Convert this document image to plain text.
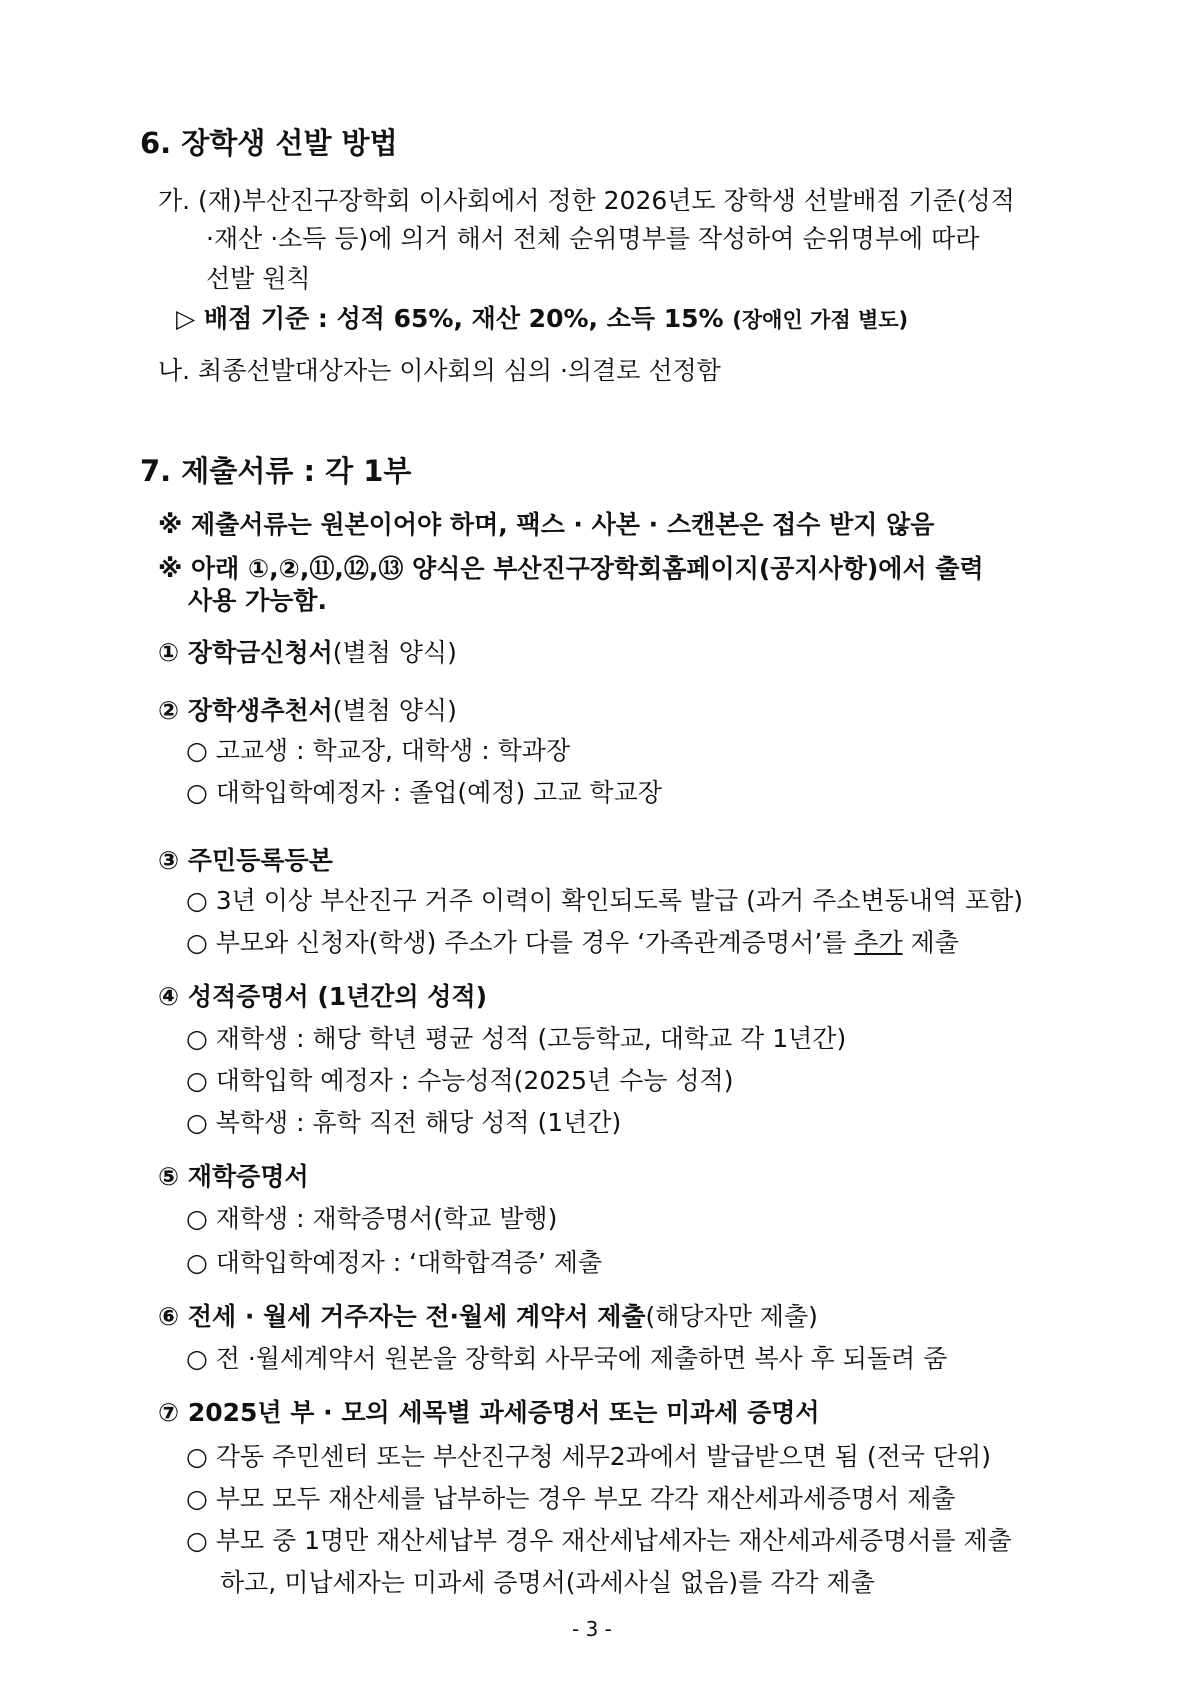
6. 장학생 선발 방법
가. (재)부산진구장학회 이사회에서 정한 2026년도 장학생 선발배점 기준(성적
·재산 ·소득 등)에 의거 해서 전체 순위명부를 작성하여 순위명부에 따라
선발 원칙
▷ 배점 기준 : 성적 65%, 재산 20%, 소득 15% (장애인 가점 별도)
나. 최종선발대상자는 이사회의 심의 ·의결로 선정함
7. 제출서류 : 각 1부
※ 제출서류는 원본이어야 하며, 팩스 · 사본 · 스캔본은 접수 받지 않음
※ 아래 ①,②,⑪,⑫,⑬ 양식은 부산진구장학회홈페이지(공지사항)에서 출력
사용 가능함.
① 장학금신청서(별첨 양식)
② 장학생추천서(별첨 양식)
○ 고교생 : 학교장, 대학생 : 학과장
○ 대학입학예정자 : 졸업(예정) 고교 학교장
③ 주민등록등본
○ 3년 이상 부산진구 거주 이력이 확인되도록 발급 (과거 주소변동내역 포함)
○ 부모와 신청자(학생) 주소가 다를 경우 ‘가족관계증명서’를 추가 제출
④ 성적증명서 (1년간의 성적)
○ 재학생 : 해당 학년 평균 성적 (고등학교, 대학교 각 1년간)
○ 대학입학 예정자 : 수능성적(2025년 수능 성적)
○ 복학생 : 휴학 직전 해당 성적 (1년간)
⑤ 재학증명서
○ 재학생 : 재학증명서(학교 발행)
○ 대학입학예정자 : ‘대학합격증’ 제출
⑥ 전세 · 월세 거주자는 전·월세 계약서 제출(해당자만 제출)
○ 전 ·월세계약서 원본을 장학회 사무국에 제출하면 복사 후 되돌려 줌
⑦ 2025년 부 · 모의 세목별 과세증명서 또는 미과세 증명서
○ 각동 주민센터 또는 부산진구청 세무2과에서 발급받으면 됨 (전국 단위)
○ 부모 모두 재산세를 납부하는 경우 부모 각각 재산세과세증명서 제출
○ 부모 중 1명만 재산세납부 경우 재산세납세자는 재산세과세증명서를 제출
하고, 미납세자는 미과세 증명서(과세사실 없음)를 각각 제출
- 3 -
